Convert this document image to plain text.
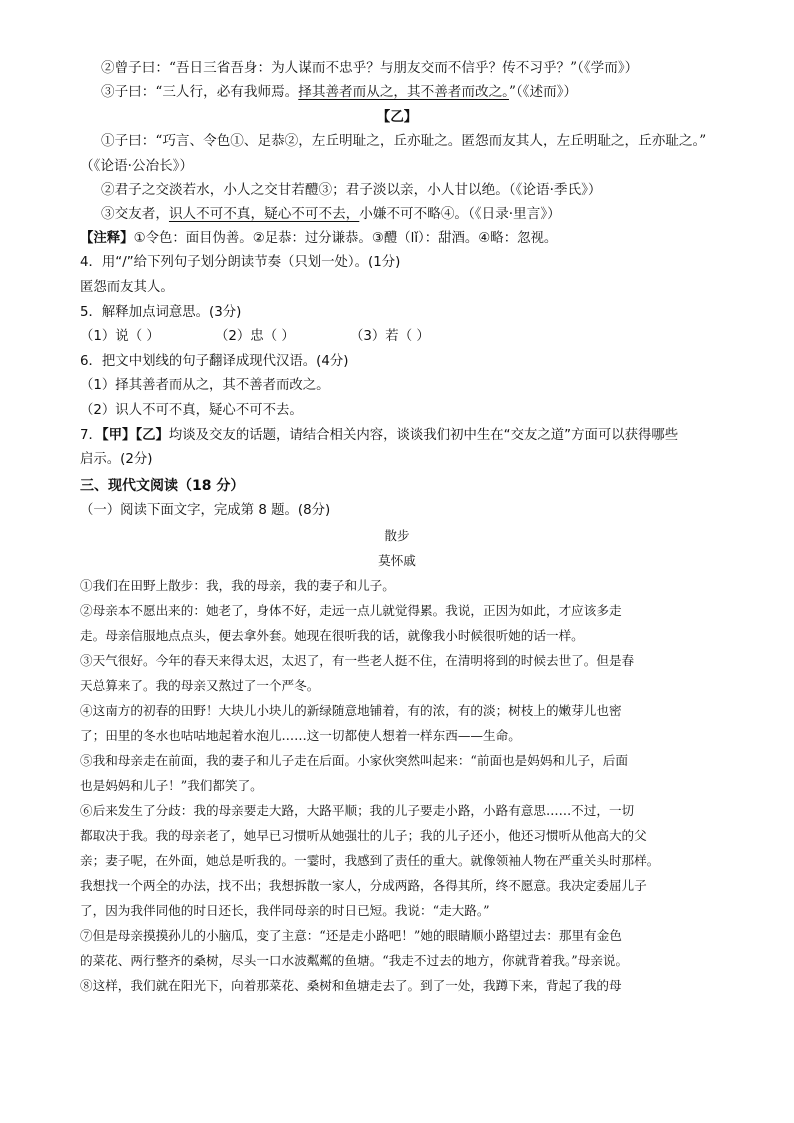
②曾子曰：“吾日三省吾身：为人谋而不忠乎？与朋友交而不信乎？传不习乎？”（《学而》）
③子曰：“三人行，必有我师焉。择其善者而从之，其不善者而改之。”（《述而》）
【乙】
①子曰：“巧言、令色①、足恭②，左丘明耻之，丘亦耻之。匿怨而友其人，左丘明耻之，丘亦耻之。”
（《论语·公冶长》）
②君子之交淡若水，小人之交甘若醴③；君子淡以亲，小人甘以绝。（《论语·季氏》）
③交友者，识人不可不真，疑心不可不去，小嫌不可不略④。（《日录·里言》）
【注释】①令色：面目伪善。②足恭：过分谦恭。③醴（lǐ）：甜酒。④略：忽视。
4．用“/”给下列句子划分朗读节奏（只划一处）。(1分)
匿怨而友其人。
5．解释加点词意思。(3分)
（1）说（ ）	（2）忠（ ）	（3）若（ ）
6．把文中划线的句子翻译成现代汉语。(4分)
（1）择其善者而从之，其不善者而改之。
（2）识人不可不真，疑心不可不去。
7．【甲】【乙】均谈及交友的话题，请结合相关内容，谈谈我们初中生在“交友之道”方面可以获得哪些
启示。(2分)
三、现代文阅读（18 分）
（一）阅读下面文字，完成第 8 题。(8分)
散步
莫怀戚
①我们在田野上散步：我，我的母亲，我的妻子和儿子。
②母亲本不愿出来的：她老了，身体不好，走远一点儿就觉得累。我说，正因为如此，才应该多走
走。母亲信服地点点头，便去拿外套。她现在很听我的话，就像我小时候很听她的话一样。
③天气很好。今年的春天来得太迟，太迟了，有一些老人挺不住，在清明将到的时候去世了。但是春
天总算来了。我的母亲又熬过了一个严冬。
④这南方的初春的田野！大块儿小块儿的新绿随意地铺着，有的浓，有的淡；树枝上的嫩芽儿也密
了；田里的冬水也咕咕地起着水泡儿……这一切都使人想着一样东西——生命。
⑤我和母亲走在前面，我的妻子和儿子走在后面。小家伙突然叫起来：“前面也是妈妈和儿子，后面
也是妈妈和儿子！”我们都笑了。
⑥后来发生了分歧：我的母亲要走大路，大路平顺；我的儿子要走小路，小路有意思……不过，一切
都取决于我。我的母亲老了，她早已习惯听从她强壮的儿子；我的儿子还小，他还习惯听从他高大的父
亲；妻子呢，在外面，她总是听我的。一霎时，我感到了责任的重大。就像领袖人物在严重关头时那样。
我想找一个两全的办法，找不出；我想拆散一家人，分成两路，各得其所，终不愿意。我决定委屈儿子
了，因为我伴同他的时日还长，我伴同母亲的时日已短。我说：“走大路。”
⑦但是母亲摸摸孙儿的小脑瓜，变了主意：“还是走小路吧！”她的眼睛顺小路望过去：那里有金色
的菜花、两行整齐的桑树，尽头一口水波粼粼的鱼塘。“我走不过去的地方，你就背着我。”母亲说。
⑧这样，我们就在阳光下，向着那菜花、桑树和鱼塘走去了。到了一处，我蹲下来，背起了我的母
